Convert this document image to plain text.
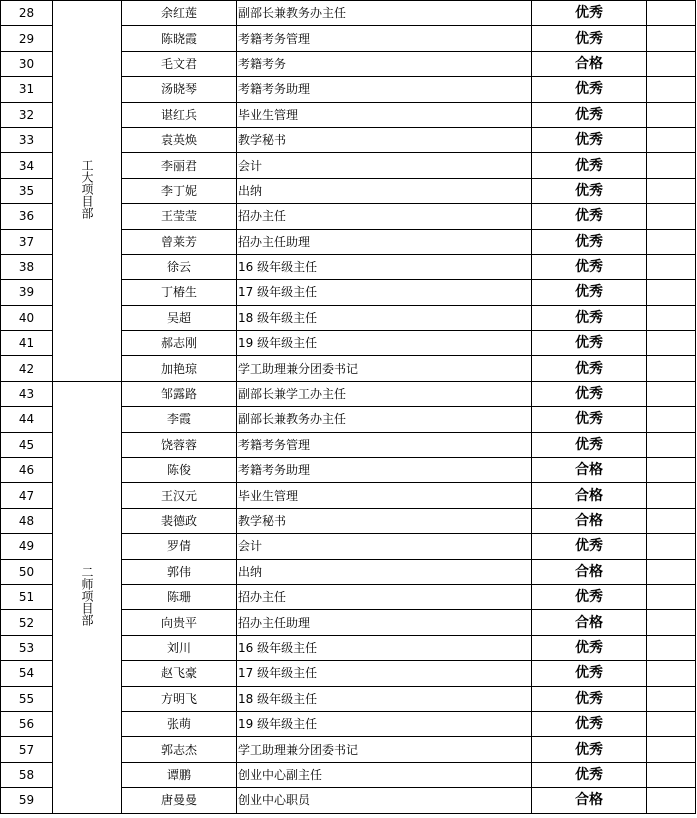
28	工大项目部	余红莲	副部长兼教务办主任	优秀	
29		陈晓霞	考籍考务管理	优秀	
30		毛文君	考籍考务	合格	
31		汤晓琴	考籍考务助理	优秀	
32		谌红兵	毕业生管理	优秀	
33		袁英焕	教学秘书	优秀	
34		李丽君	会计	优秀	
35		李丁妮	出纳	优秀	
36		王莹莹	招办主任	优秀	
37		曾莱芳	招办主任助理	优秀	
38		徐云	16 级年级主任	优秀	
39		丁椿生	17 级年级主任	优秀	
40		吴超	18 级年级主任	优秀	
41		郝志刚	19 级年级主任	优秀	
42		加艳琼	学工助理兼分团委书记	优秀	
43	二师项目部	邹露路	副部长兼学工办主任	优秀	
44		李霞	副部长兼教务办主任	优秀	
45		饶蓉蓉	考籍考务管理	优秀	
46		陈俊	考籍考务助理	合格	
47		王汉元	毕业生管理	合格	
48		裴德政	教学秘书	合格	
49		罗倩	会计	优秀	
50		郭伟	出纳	合格	
51		陈珊	招办主任	优秀	
52		向贵平	招办主任助理	合格	
53		刘川	16 级年级主任	优秀	
54		赵飞豪	17 级年级主任	优秀	
55		方明飞	18 级年级主任	优秀	
56		张萌	19 级年级主任	优秀	
57		郭志杰	学工助理兼分团委书记	优秀	
58		谭鹏	创业中心副主任	优秀	
59		唐曼曼	创业中心职员	合格	
